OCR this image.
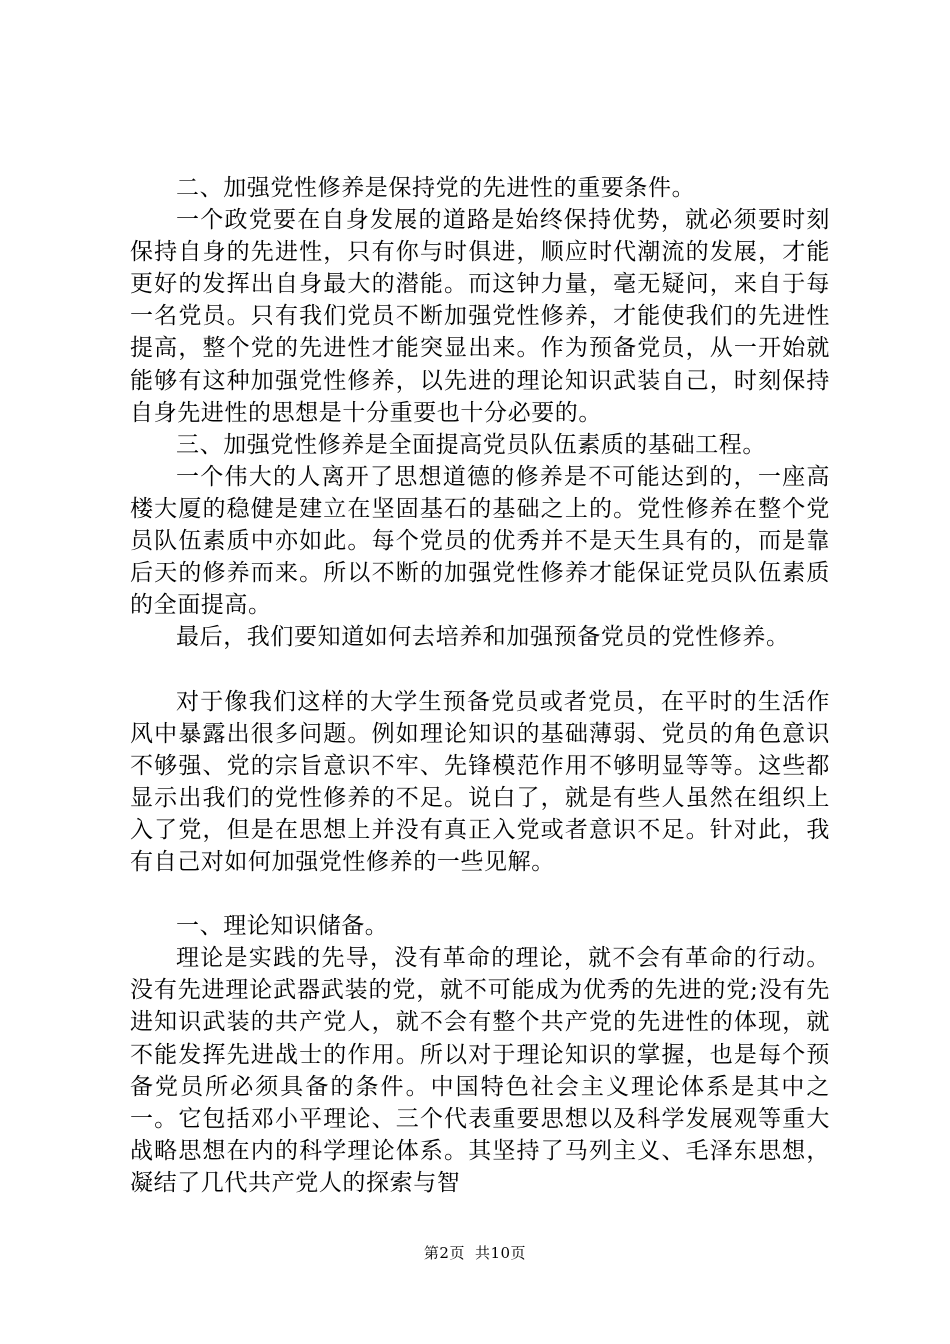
二、加强党性修养是保持党的先进性的重要条件。

一个政党要在自身发展的道路是始终保持优势，就必须要时刻保持自身的先进性，只有你与时俱进，顺应时代潮流的发展，才能更好的发挥出自身最大的潜能。而这钟力量，毫无疑问，来自于每一名党员。只有我们党员不断加强党性修养，才能使我们的先进性提高，整个党的先进性才能突显出来。作为预备党员，从一开始就能够有这种加强党性修养，以先进的理论知识武装自己，时刻保持自身先进性的思想是十分重要也十分必要的。

三、加强党性修养是全面提高党员队伍素质的基础工程。

一个伟大的人离开了思想道德的修养是不可能达到的，一座高楼大厦的稳健是建立在坚固基石的基础之上的。党性修养在整个党员队伍素质中亦如此。每个党员的优秀并不是天生具有的，而是靠后天的修养而来。所以不断的加强党性修养才能保证党员队伍素质的全面提高。

最后，我们要知道如何去培养和加强预备党员的党性修养。

对于像我们这样的大学生预备党员或者党员，在平时的生活作风中暴露出很多问题。例如理论知识的基础薄弱、党员的角色意识不够强、党的宗旨意识不牢、先锋模范作用不够明显等等。这些都显示出我们的党性修养的不足。说白了，就是有些人虽然在组织上入了党，但是在思想上并没有真正入党或者意识不足。针对此，我有自己对如何加强党性修养的一些见解。

一、理论知识储备。

理论是实践的先导，没有革命的理论，就不会有革命的行动。没有先进理论武器武装的党，就不可能成为优秀的先进的党;没有先进知识武装的共产党人，就不会有整个共产党的先进性的体现，就不能发挥先进战士的作用。所以对于理论知识的掌握，也是每个预备党员所必须具备的条件。中国特色社会主义理论体系是其中之一。它包括邓小平理论、三个代表重要思想以及科学发展观等重大战略思想在内的科学理论体系。其坚持了马列主义、毛泽东思想，凝结了几代共产党人的探索与智

第2页 共10页
